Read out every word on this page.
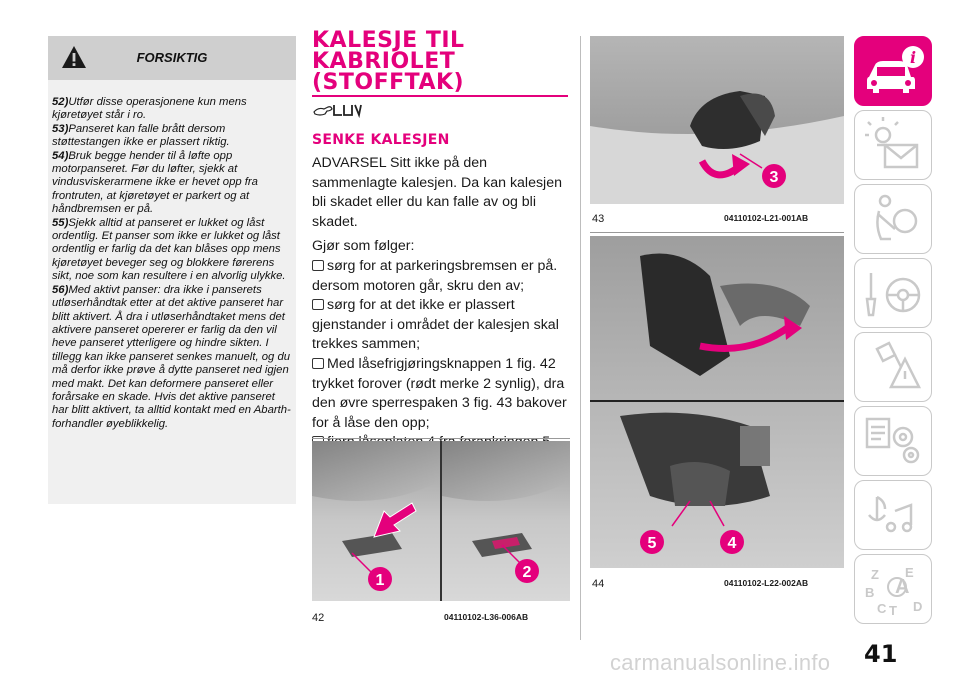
FORSIKTIG

52)Utfør disse operasjonene kun mens kjøretøyet står i ro.

53)Panseret kan falle brått dersom støttestangen ikke er plassert riktig.

54)Bruk begge hender til å løfte opp motorpanseret. Før du løfter, sjekk at vindusviskerarmene ikke er hevet opp fra frontruten, at kjøretøyet er parkert og at håndbremsen er på.

55)Sjekk alltid at panseret er lukket og låst ordentlig. Et panser som ikke er lukket og låst ordentlig er farlig da det kan blåses opp mens kjøretøyet beveger seg og blokkere førerens sikt, noe som kan resultere i en alvorlig ulykke.

56)Med aktivt panser: dra ikke i panserets utløserhåndtak etter at det aktive panseret har blitt aktivert. Å dra i utløserhåndtaket mens det aktivere panseret opererer er farlig da den vil heve panseret ytterligere og hindre sikten. I tillegg kan ikke panseret senkes manuelt, og du må derfor ikke prøve å dytte panseret ned igjen med makt. Det kan deformere panseret eller forårsake en skade. Hvis det aktive panseret har blitt aktivert, ta alltid kontakt med en Abarth-forhandler øyeblikkelig.

KALESJE TIL
KABRIOLET
(STOFFTAK)
SENKE KALESJEN

ADVARSEL Sitt ikke på den sammenlagte kalesjen. Da kan kalesjen bli skadet eller du kan falle av og bli skadet.

Gjør som følger:

sørg for at parkeringsbremsen er på. dersom motoren går, skru den av;
sørg for at det ikke er plassert gjenstander i området der kalesjen skal trekkes sammen;
Med låsefrigjøringsknappen 1 fig. 42 trykket forover (rødt merke 2 synlig), dra den øvre sperrespaken 3 fig. 43 bakover for å låse den opp;
1	2
42	04110102-L36-006AB
3
43	04110102-L21-001AB
5	4
44	04110102-L22-002AB
i
Z E
B A
C T D
41
carmanualsonline.info
